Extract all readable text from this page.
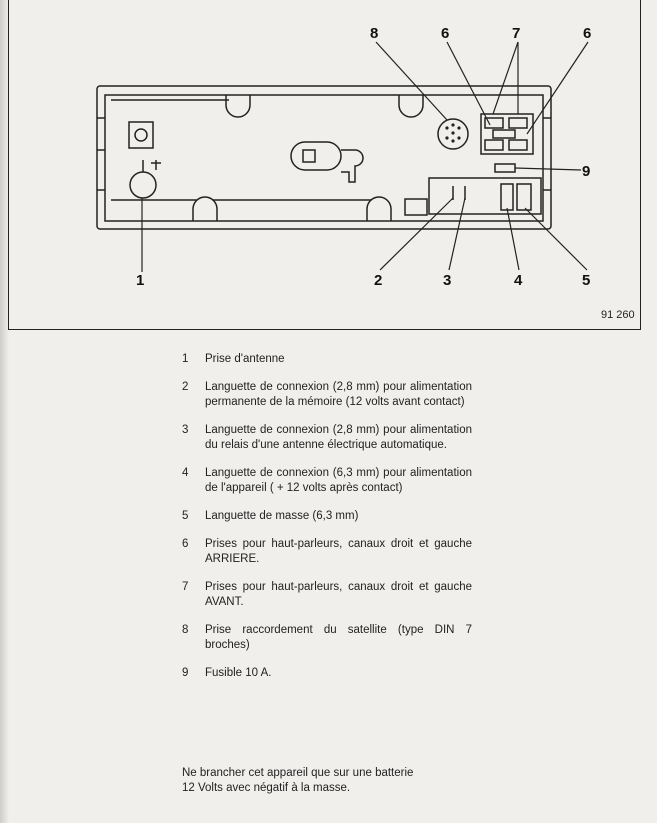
8	6	7	6
9
1	2	3	4	5
91 260
1	Prise d'antenne
2	Languette de connexion (2,8 mm) pour alimentation permanente de la mémoire (12 volts avant contact)
3	Languette de connexion (2,8 mm) pour alimentation du relais d'une antenne électrique automatique.
4	Languette de connexion (6,3 mm) pour alimentation de l'appareil ( + 12 volts après contact)
5	Languette de masse (6,3 mm)
6	Prises pour haut-parleurs, canaux droit et gauche ARRIERE.
7	Prises pour haut-parleurs, canaux droit et gauche AVANT.
8	Prise raccordement du satellite (type DIN 7 broches)
9	Fusible 10 A.
Ne brancher cet appareil que sur une batterie
12 Volts avec négatif à la masse.
